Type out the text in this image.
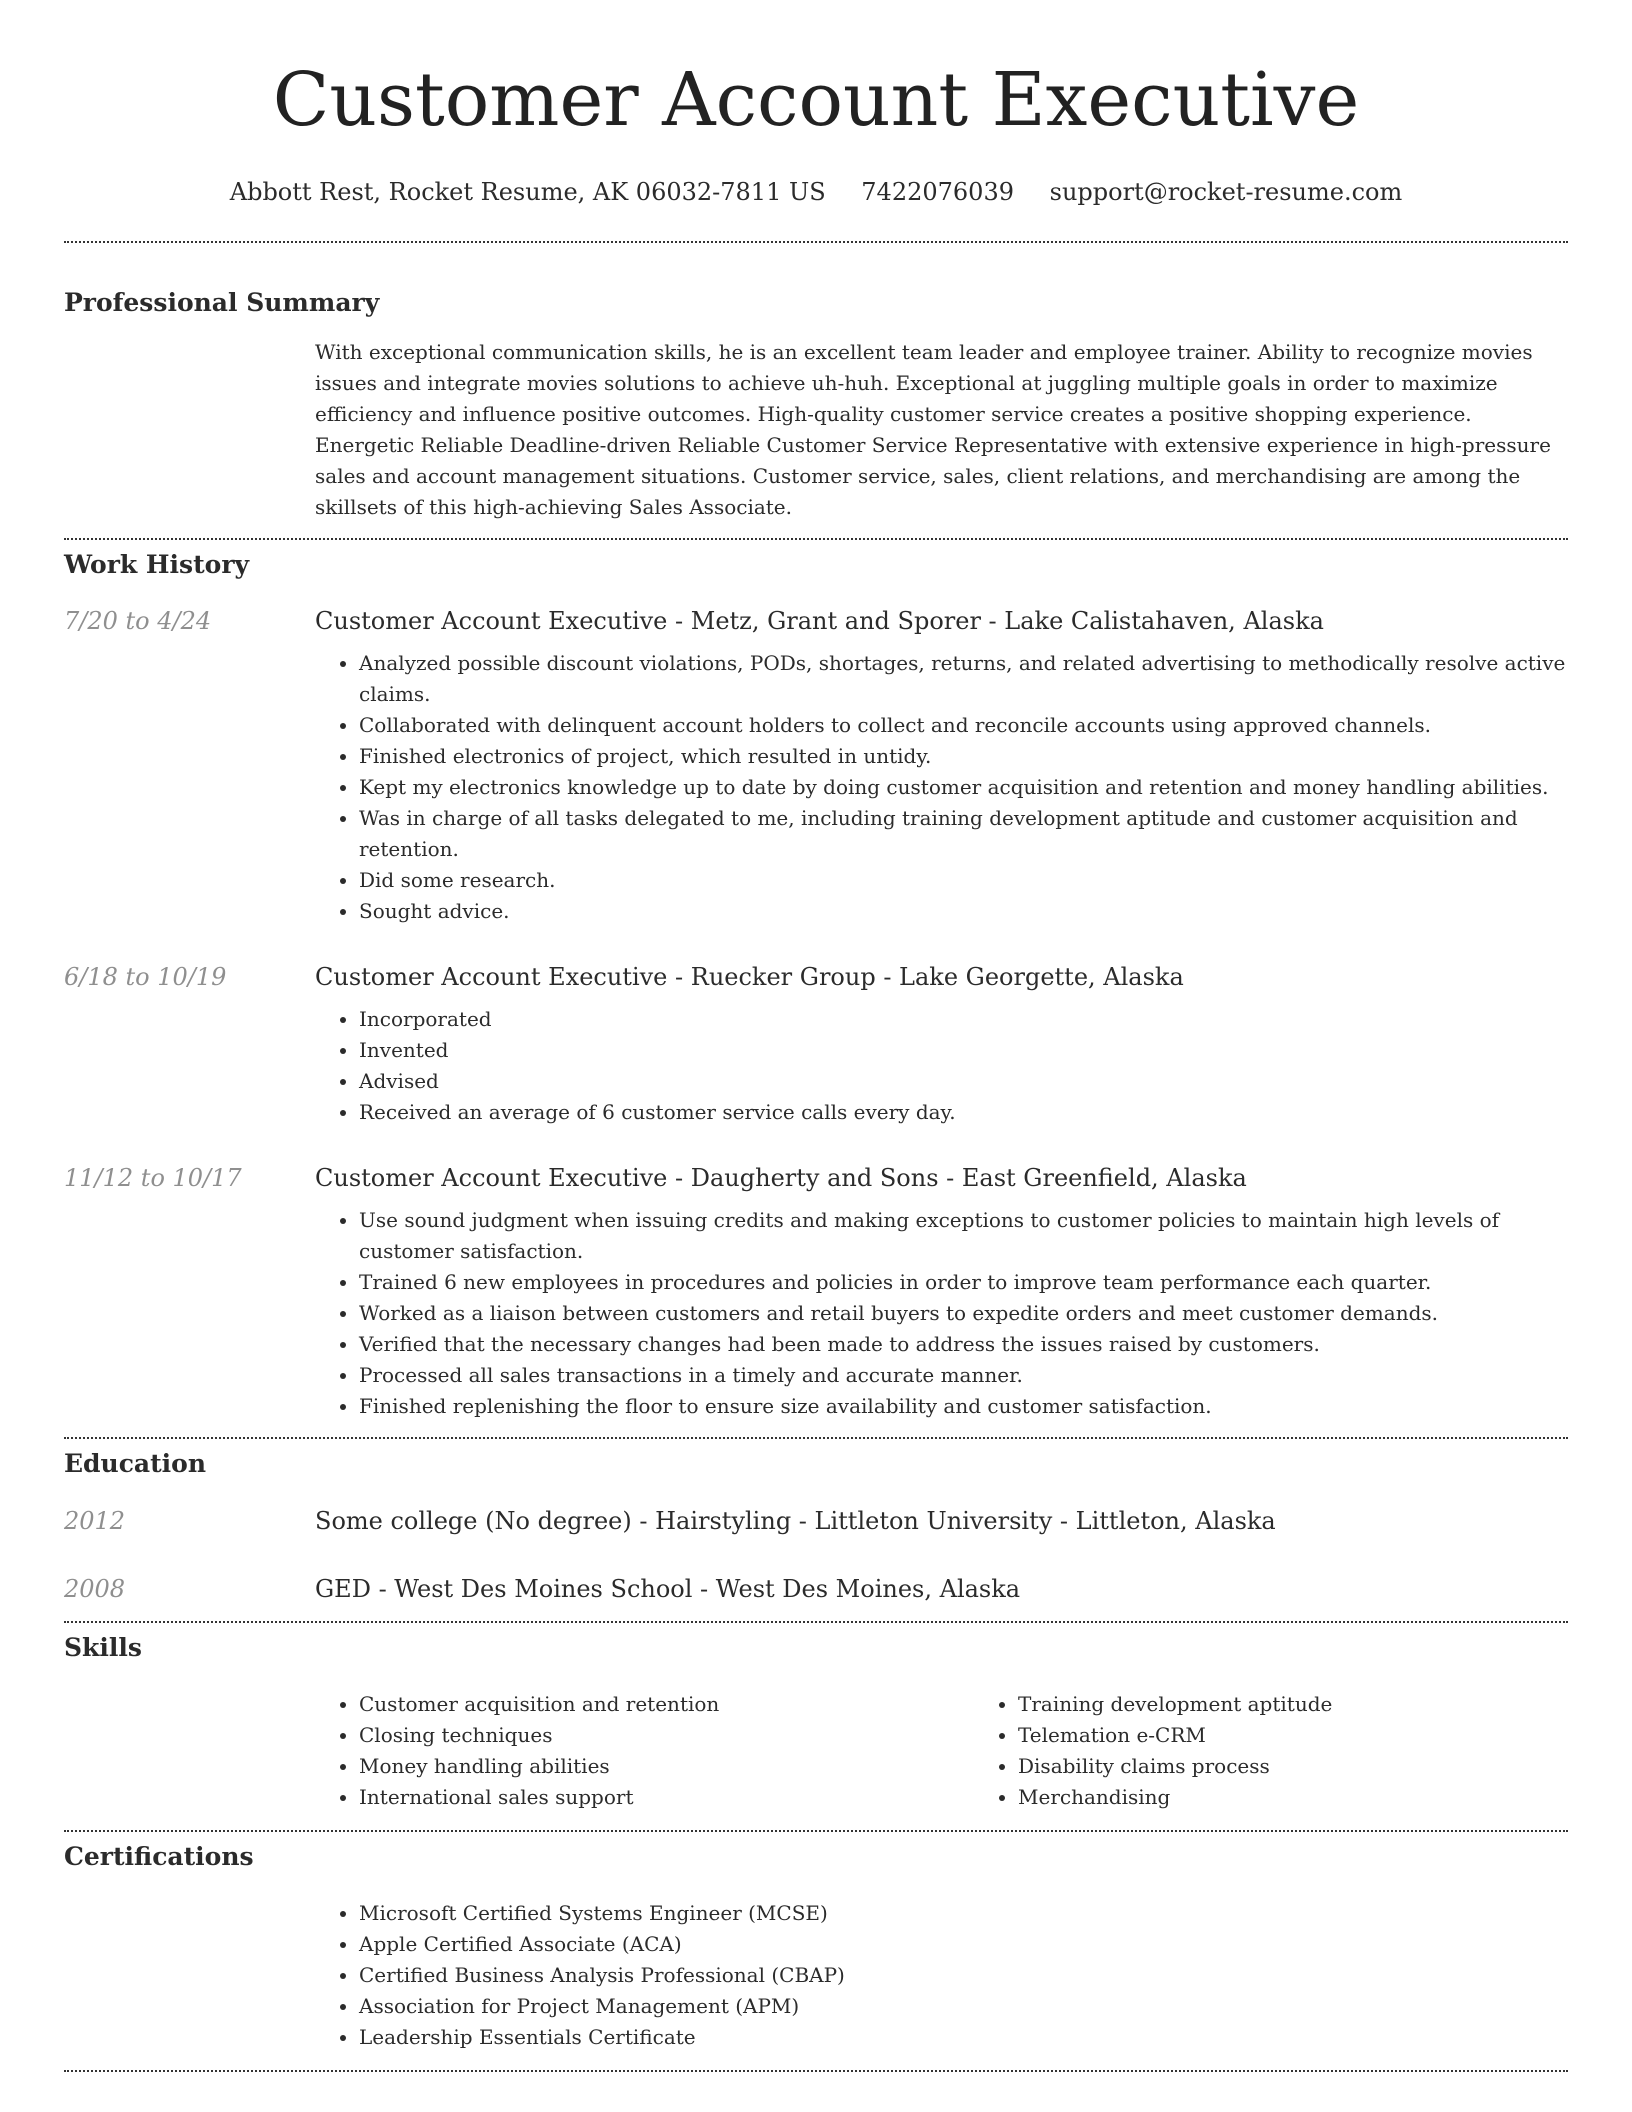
Customer Account Executive
Abbott Rest, Rocket Resume, AK 06032-7811 US 7422076039 support@rocket-resume.com
Professional Summary
With exceptional communication skills, he is an excellent team leader and employee trainer. Ability to recognize movies issues and integrate movies solutions to achieve uh-huh. Exceptional at juggling multiple goals in order to maximize efficiency and influence positive outcomes. High-quality customer service creates a positive shopping experience. Energetic Reliable Deadline-driven Reliable Customer Service Representative with extensive experience in high-pressure sales and account management situations. Customer service, sales, client relations, and merchandising are among the skillsets of this high-achieving Sales Associate.
Work History
7/20 to 4/24	Customer Account Executive - Metz, Grant and Sporer - Lake Calistahaven, Alaska
• Analyzed possible discount violations, PODs, shortages, returns, and related advertising to methodically resolve active claims.
• Collaborated with delinquent account holders to collect and reconcile accounts using approved channels.
• Finished electronics of project, which resulted in untidy.
• Kept my electronics knowledge up to date by doing customer acquisition and retention and money handling abilities.
• Was in charge of all tasks delegated to me, including training development aptitude and customer acquisition and retention.
• Did some research.
• Sought advice.
6/18 to 10/19	Customer Account Executive - Ruecker Group - Lake Georgette, Alaska
• Incorporated
• Invented
• Advised
• Received an average of 6 customer service calls every day.
11/12 to 10/17	Customer Account Executive - Daugherty and Sons - East Greenfield, Alaska
• Use sound judgment when issuing credits and making exceptions to customer policies to maintain high levels of customer satisfaction.
• Trained 6 new employees in procedures and policies in order to improve team performance each quarter.
• Worked as a liaison between customers and retail buyers to expedite orders and meet customer demands.
• Verified that the necessary changes had been made to address the issues raised by customers.
• Processed all sales transactions in a timely and accurate manner.
• Finished replenishing the floor to ensure size availability and customer satisfaction.
Education
2012	Some college (No degree) - Hairstyling - Littleton University - Littleton, Alaska
2008	GED - West Des Moines School - West Des Moines, Alaska
Skills
• Customer acquisition and retention
• Closing techniques
• Money handling abilities
• International sales support
• Training development aptitude
• Telemation e-CRM
• Disability claims process
• Merchandising
Certifications
• Microsoft Certified Systems Engineer (MCSE)
• Apple Certified Associate (ACA)
• Certified Business Analysis Professional (CBAP)
• Association for Project Management (APM)
• Leadership Essentials Certificate
